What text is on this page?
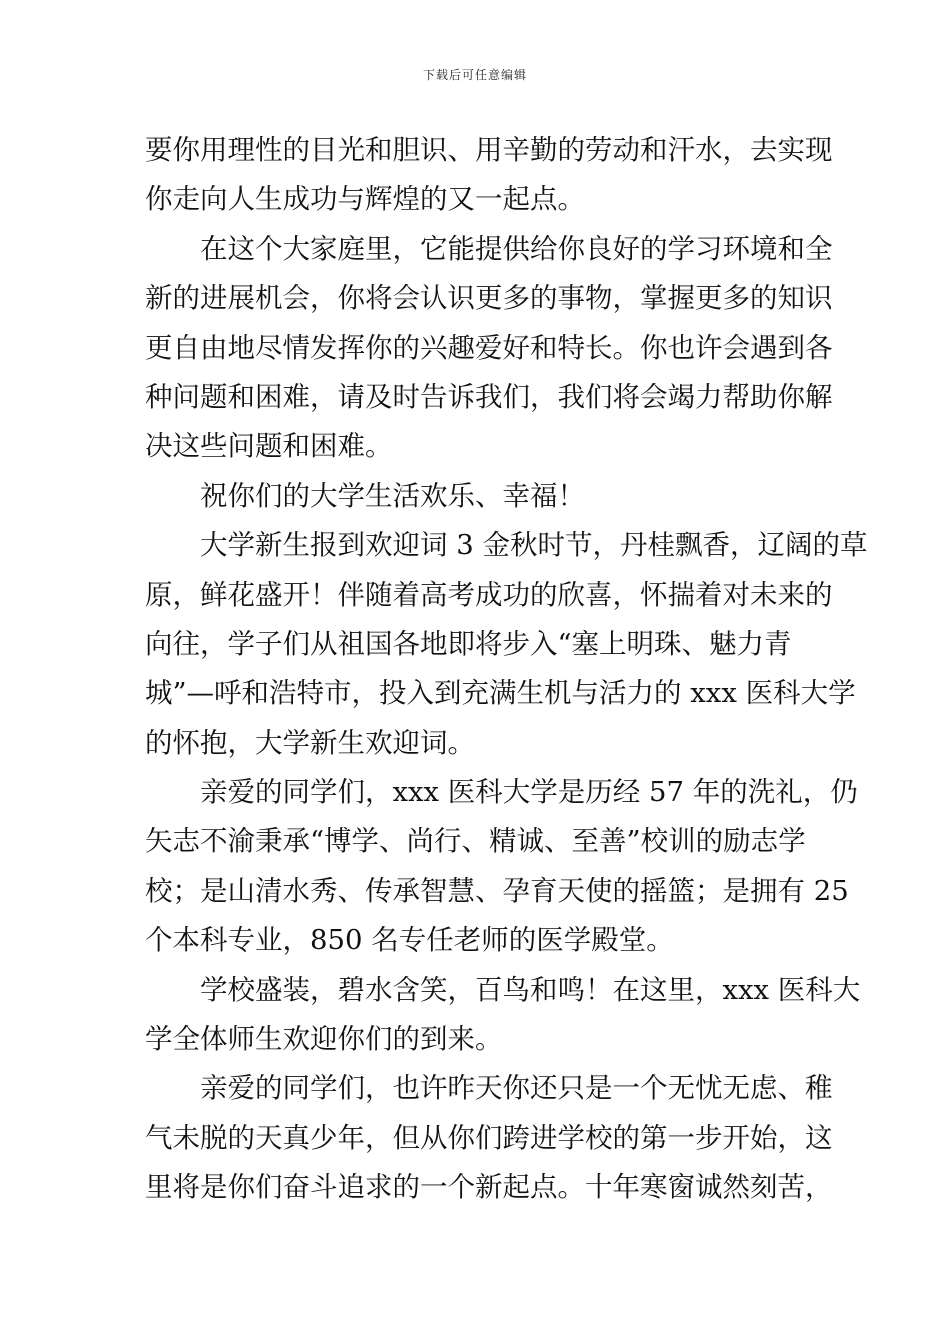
下载后可任意编辑
要你用理性的目光和胆识、用辛勤的劳动和汗水，去实现
你走向人生成功与辉煌的又一起点。
在这个大家庭里，它能提供给你良好的学习环境和全
新的进展机会，你将会认识更多的事物，掌握更多的知识
更自由地尽情发挥你的兴趣爱好和特长。你也许会遇到各
种问题和困难，请及时告诉我们，我们将会竭力帮助你解
决这些问题和困难。
祝你们的大学生活欢乐、幸福！
大学新生报到欢迎词 3 金秋时节，丹桂飘香，辽阔的草
原，鲜花盛开！伴随着高考成功的欣喜，怀揣着对未来的
向往，学子们从祖国各地即将步入“塞上明珠、魅力青
城”—呼和浩特市，投入到充满生机与活力的 xxx 医科大学
的怀抱，大学新生欢迎词。
亲爱的同学们，xxx 医科大学是历经 57 年的洗礼，仍
矢志不渝秉承“博学、尚行、精诚、至善”校训的励志学
校；是山清水秀、传承智慧、孕育天使的摇篮；是拥有 25
个本科专业，850 名专任老师的医学殿堂。
学校盛装，碧水含笑，百鸟和鸣！在这里，xxx 医科大
学全体师生欢迎你们的到来。
亲爱的同学们，也许昨天你还只是一个无忧无虑、稚
气未脱的天真少年，但从你们跨进学校的第一步开始，这
里将是你们奋斗追求的一个新起点。十年寒窗诚然刻苦，
